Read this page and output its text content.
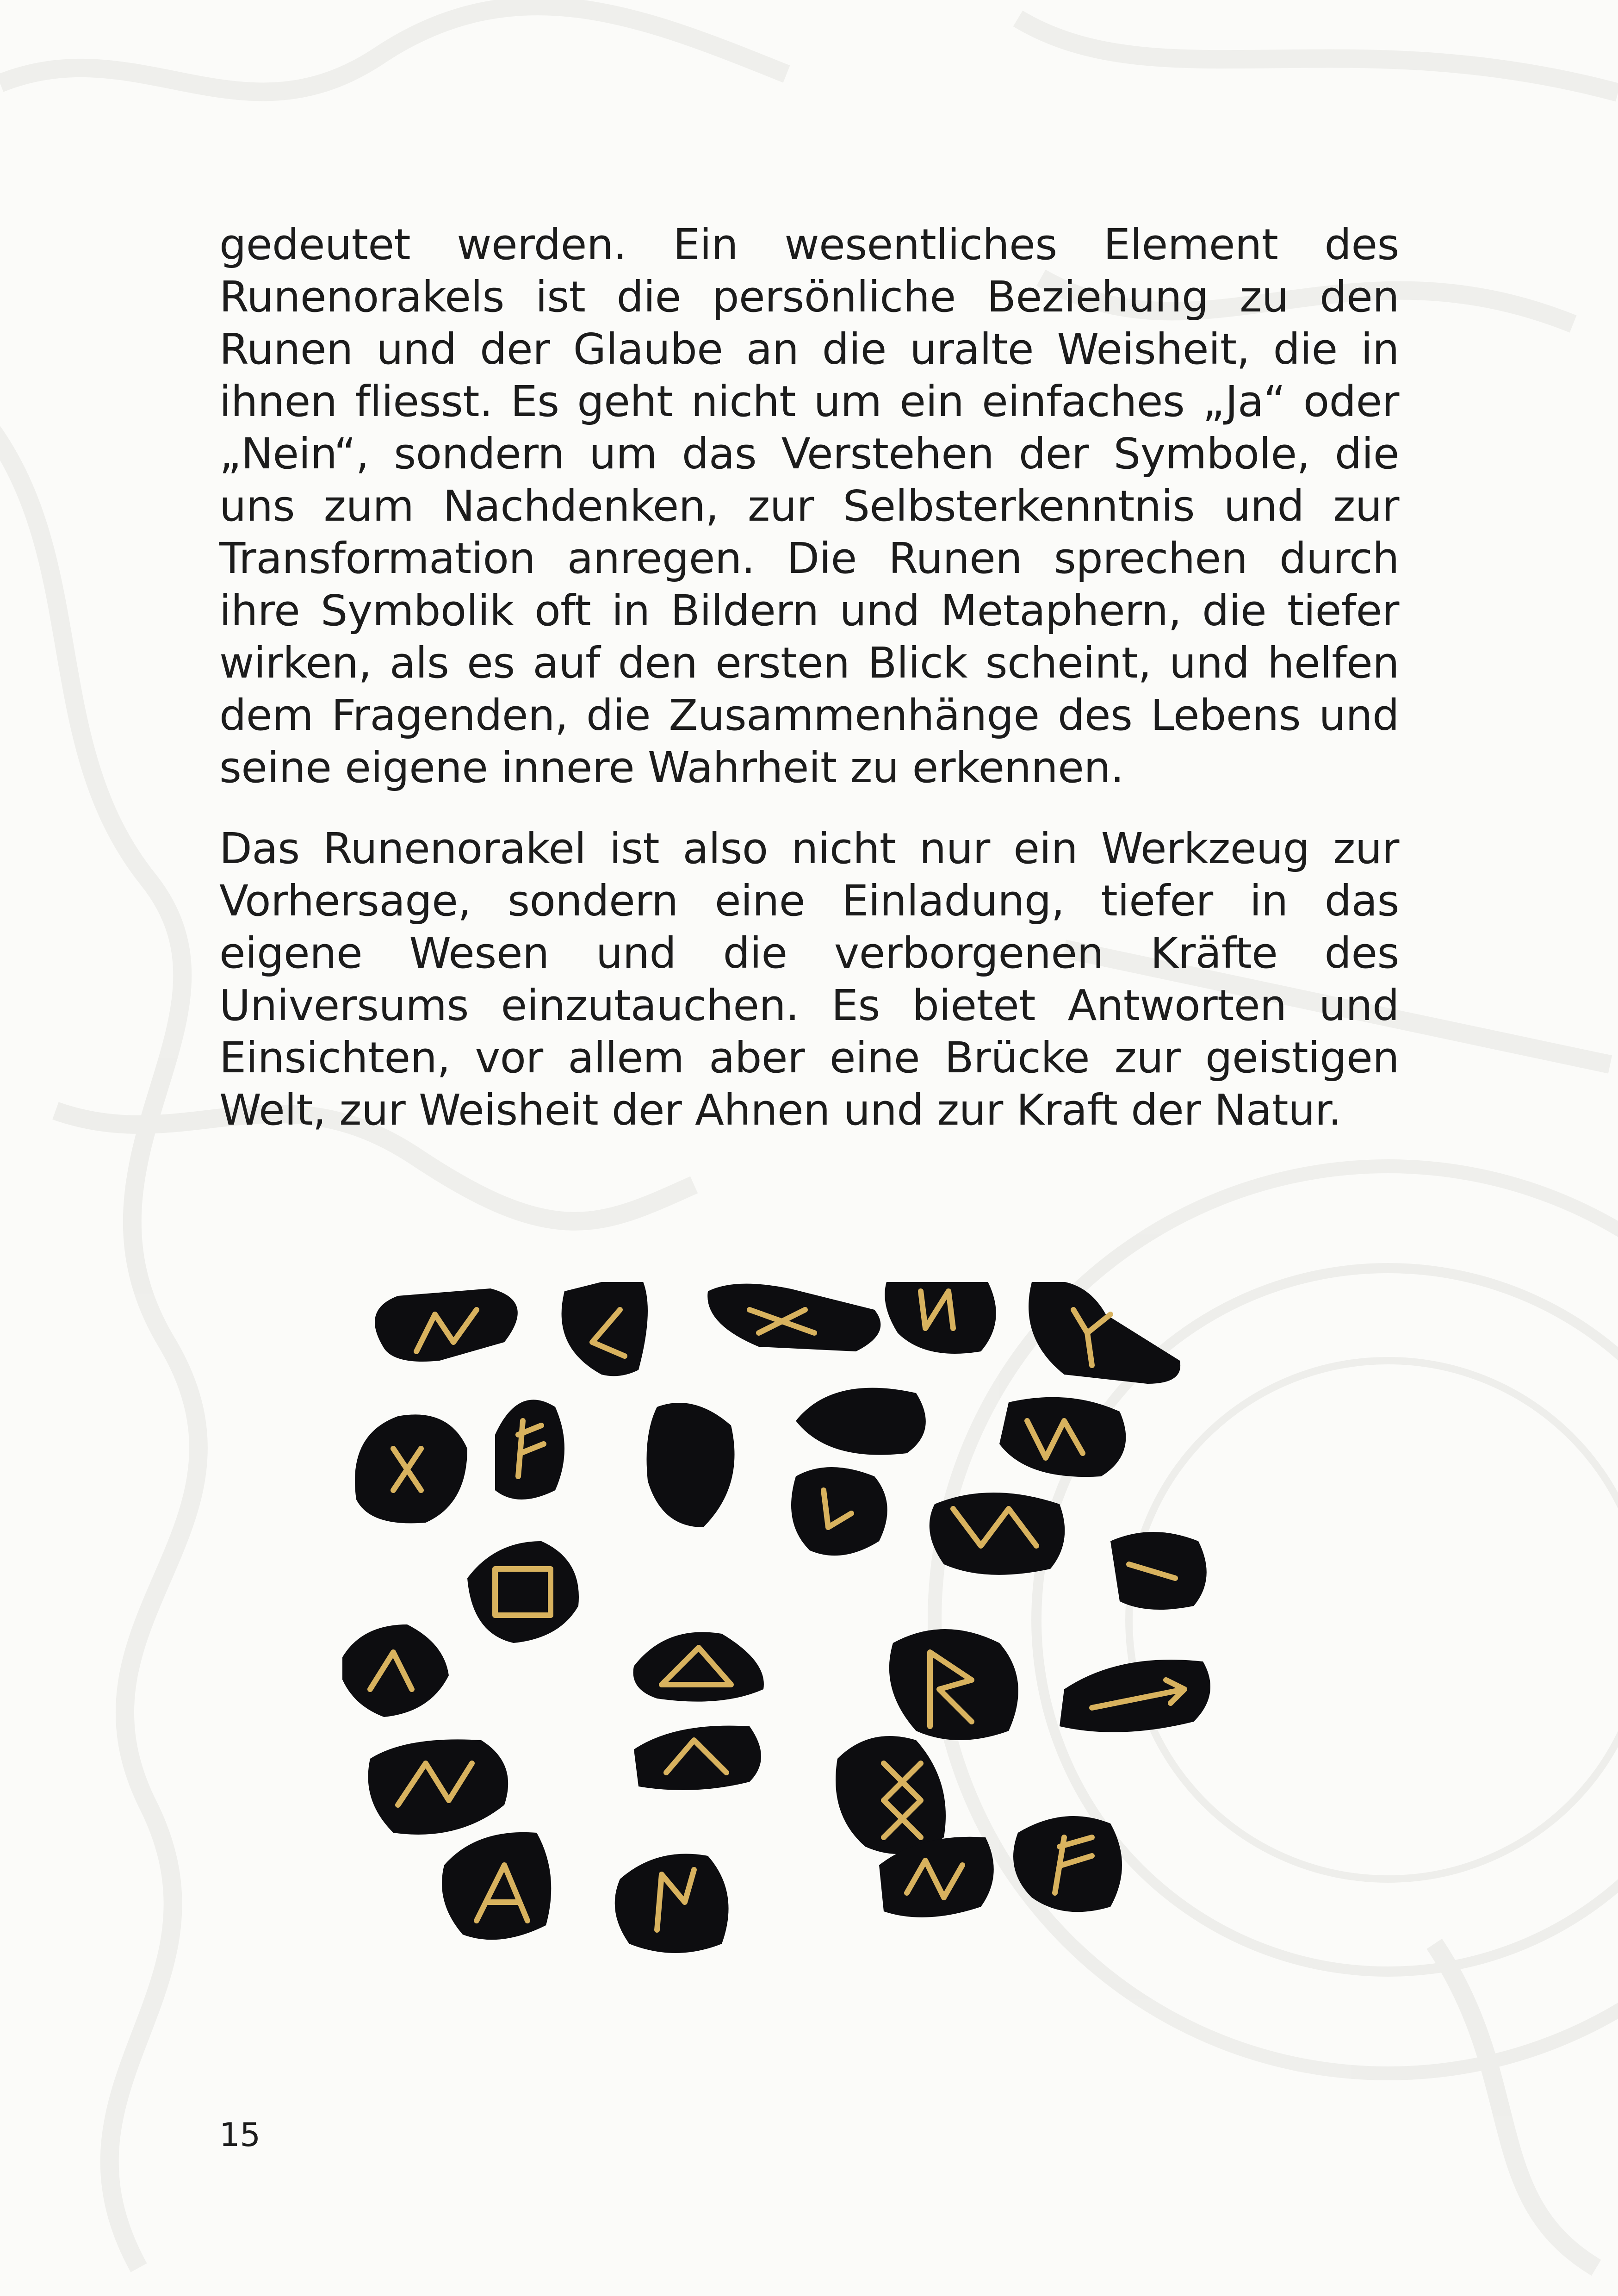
gedeutet werden. Ein wesentliches Element des Runenorakels ist die persönliche Beziehung zu den Runen und der Glaube an die uralte Weisheit, die in ihnen fliesst. Es geht nicht um ein einfaches „Ja“ oder „Nein“, sondern um das Verstehen der Symbole, die uns zum Nachdenken, zur Selbsterkenntnis und zur Transformation anregen. Die Runen sprechen durch ihre Symbolik oft in Bildern und Metaphern, die tiefer wirken, als es auf den ersten Blick scheint, und helfen dem Fragenden, die Zusammenhänge des Lebens und seine eigene innere Wahrheit zu erkennen.

Das Runenorakel ist also nicht nur ein Werkzeug zur Vorhersage, sondern eine Einladung, tiefer in das eigene Wesen und die verborgenen Kräfte des Universums einzutauchen. Es bietet Antworten und Einsichten, vor allem aber eine Brücke zur geistigen Welt, zur Weisheit der Ahnen und zur Kraft der Natur.

15
